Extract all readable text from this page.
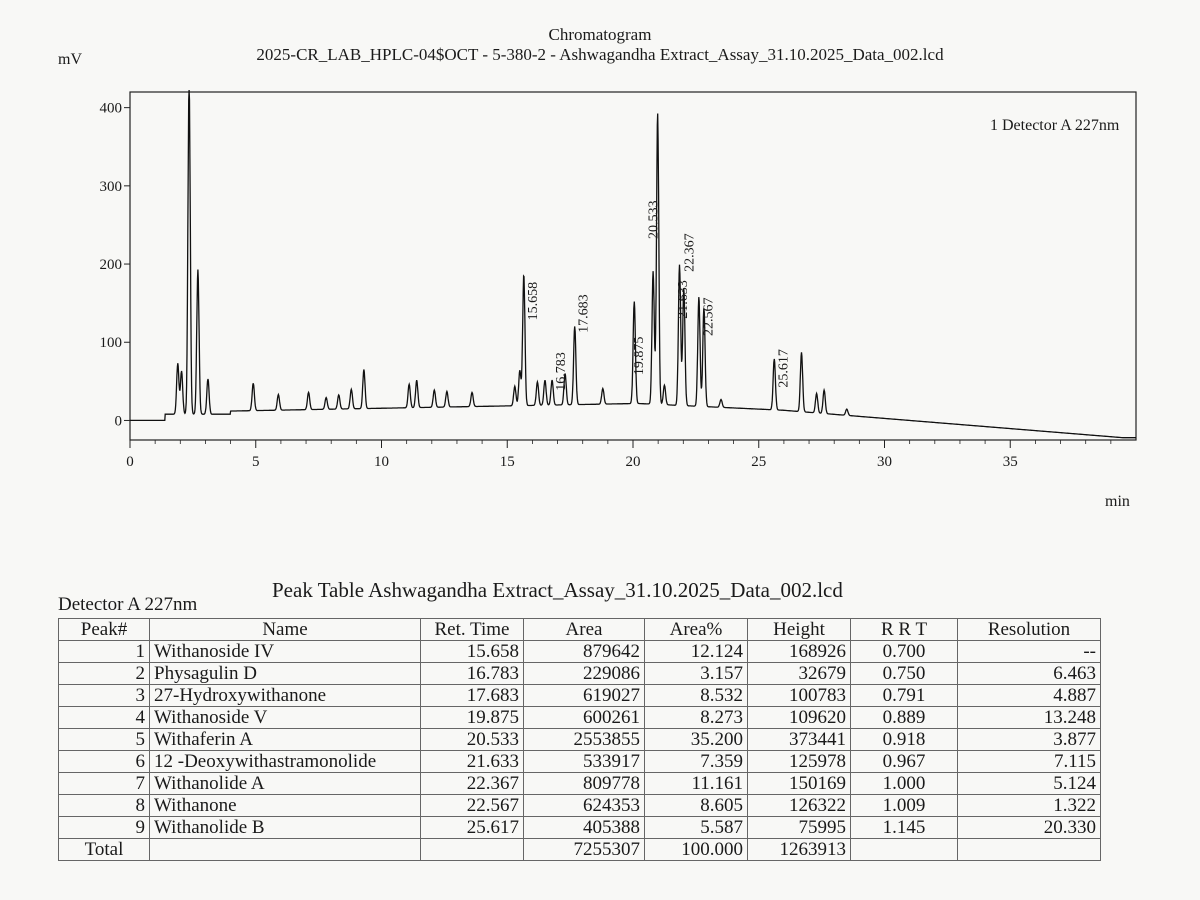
Chromatogram
2025-CR_LAB_HPLC-04$OCT - 5-380-2 - Ashwagandha Extract_Assay_31.10.2025_Data_002.lcd
mV
min
1 Detector A 227nm
0
100
200
300
400
0	5	10	15	20	25	30	35
15.658
16.783
17.683
19.875
20.533
21.633
22.367
22.567
25.617
Peak Table Ashwagandha Extract_Assay_31.10.2025_Data_002.lcd
Detector A 227nm
Peak#	Name	Ret. Time	Area	Area%	Height	R R T	Resolution
1	Withanoside IV	15.658	879642	12.124	168926	0.700	--
2	Physagulin D	16.783	229086	3.157	32679	0.750	6.463
3	27-Hydroxywithanone	17.683	619027	8.532	100783	0.791	4.887
4	Withanoside V	19.875	600261	8.273	109620	0.889	13.248
5	Withaferin A	20.533	2553855	35.200	373441	0.918	3.877
6	12 -Deoxywithastramonolide	21.633	533917	7.359	125978	0.967	7.115
7	Withanolide A	22.367	809778	11.161	150169	1.000	5.124
8	Withanone	22.567	624353	8.605	126322	1.009	1.322
9	Withanolide B	25.617	405388	5.587	75995	1.145	20.330
Total			7255307	100.000	1263913		
